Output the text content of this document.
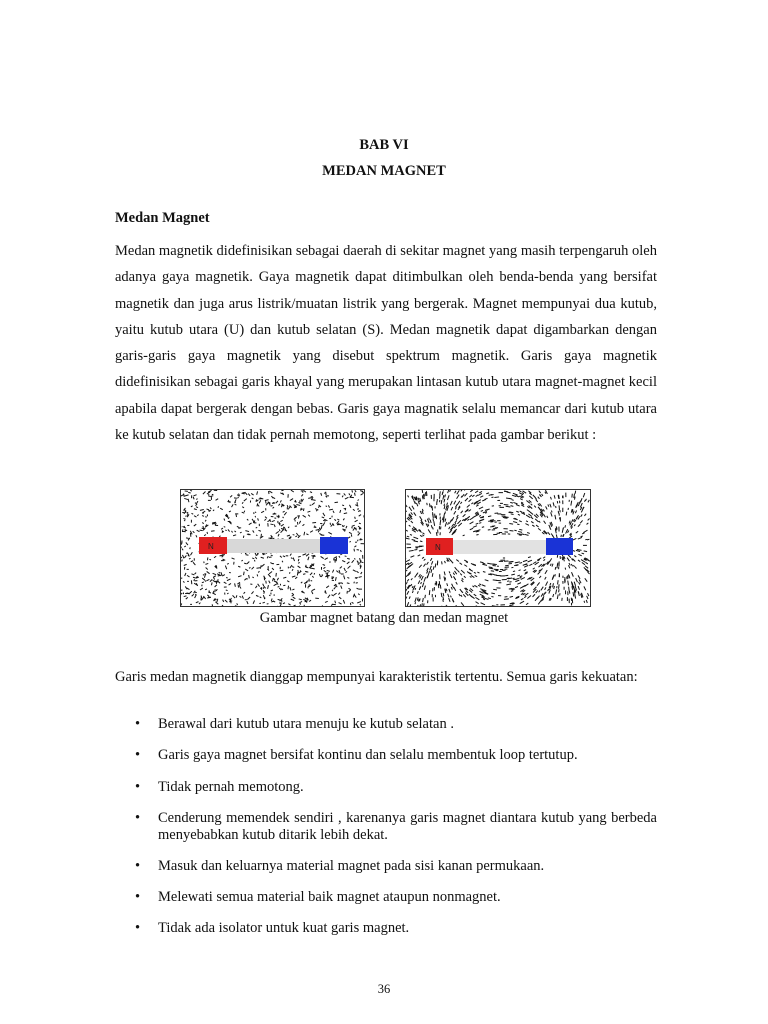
BAB VI
MEDAN MAGNET
Medan Magnet

Medan magnetik didefinisikan sebagai daerah di sekitar magnet yang masih terpengaruh oleh adanya gaya magnetik. Gaya magnetik dapat ditimbulkan oleh benda-benda yang bersifat magnetik dan juga arus listrik/muatan listrik yang bergerak. Magnet mempunyai dua kutub, yaitu kutub utara (U) dan kutub selatan (S). Medan magnetik dapat digambarkan dengan garis-garis gaya magnetik yang disebut spektrum magnetik. Garis gaya magnetik didefinisikan sebagai garis khayal yang merupakan lintasan kutub utara magnet-magnet kecil apabila dapat bergerak dengan bebas. Garis gaya magnatik selalu memancar dari kutub utara ke kutub selatan dan tidak pernah memotong, seperti terlihat pada gambar berikut :

N	N
Gambar magnet batang dan medan magnet

Garis medan magnetik dianggap mempunyai karakteristik tertentu. Semua garis kekuatan:

•	Berawal dari kutub utara menuju ke kutub selatan .
•	Garis gaya magnet bersifat kontinu dan selalu membentuk loop tertutup.
•	Tidak pernah memotong.
•	Cenderung memendek sendiri , karenanya garis magnet diantara kutub yang berbeda menyebabkan kutub ditarik lebih dekat.
•	Masuk dan keluarnya material magnet pada sisi kanan permukaan.
•	Melewati semua material baik magnet ataupun nonmagnet.
•	Tidak ada isolator untuk kuat garis magnet.
36
